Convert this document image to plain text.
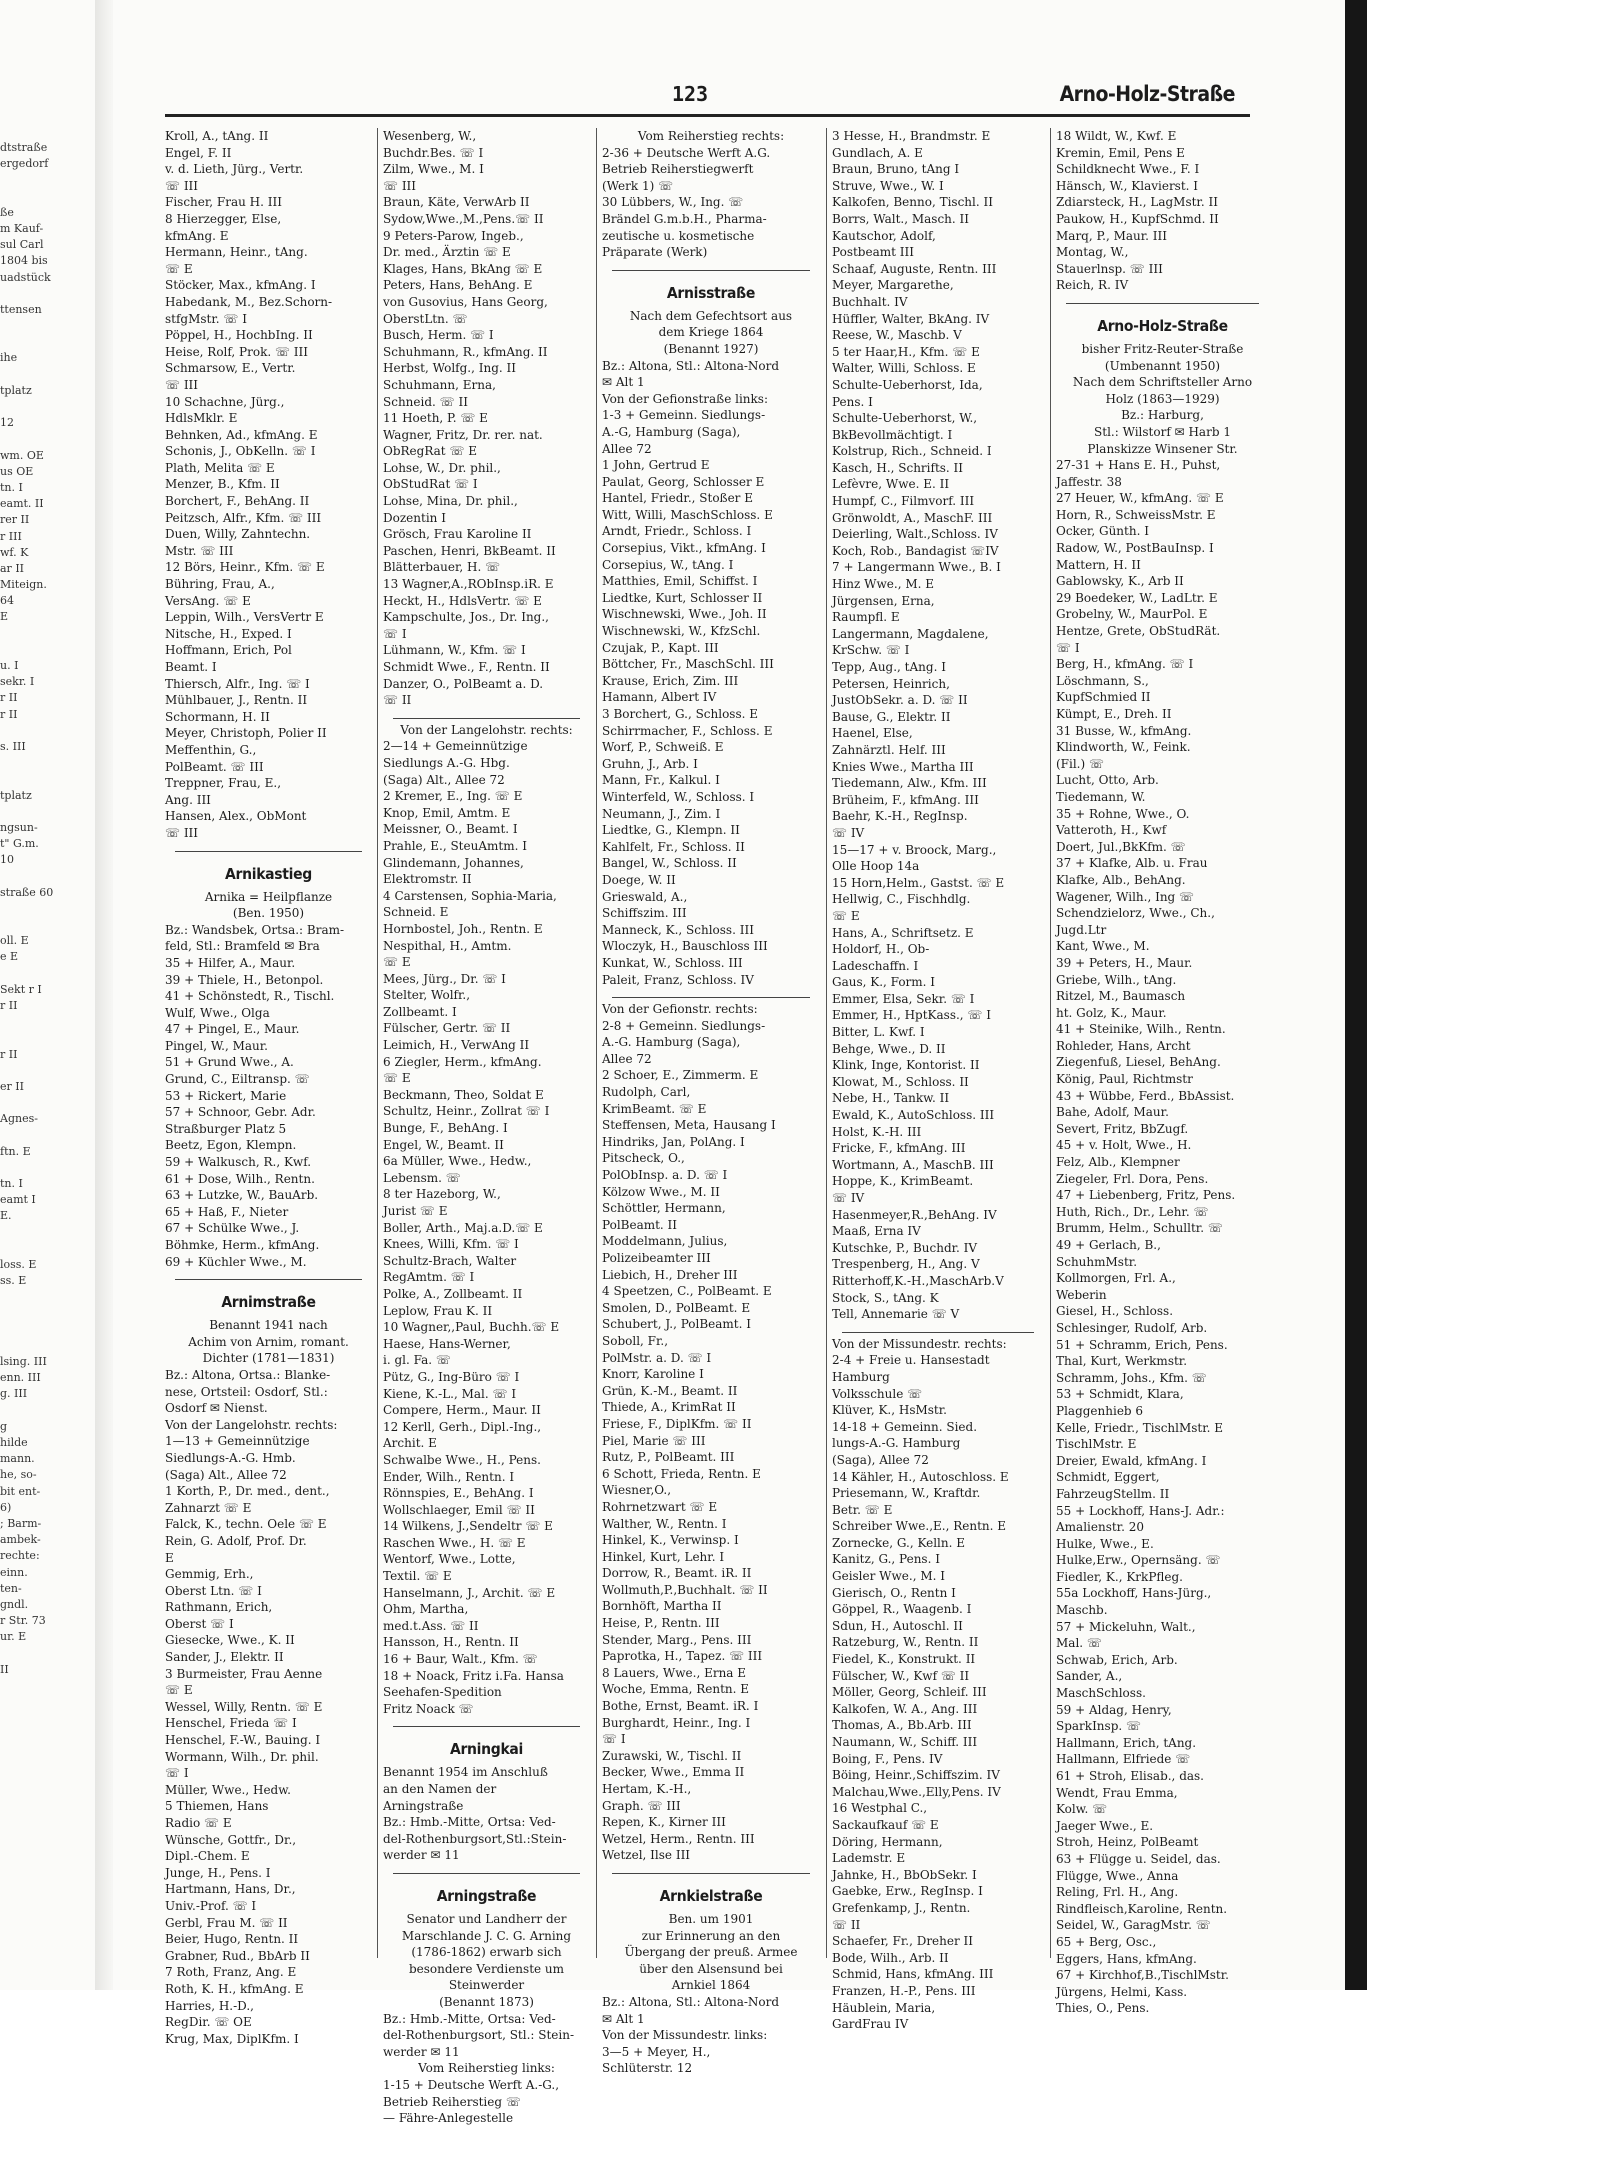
dtstraße
ergedorf
ße
m Kauf-
sul Carl
1804 bis
uadstück
ttensen
ihe
tplatz
12
wm. OE
us OE
tn. I
eamt. II
rer II
r III
wf. K
ar II
Miteign.
64
E
u. I
sekr. I
r II
r II
s. III
tplatz
ngsun-
t" G.m.
10
straße 60
oll. E
e E
Sekt r I
r II
r II
er II
Agnes-
ftn. E
tn. I
eamt I
E.
loss. E
ss. E
lsing. III
enn. III
g. III
g
hilde
mann.
he, so-
bit ent-
6)
; Barm-
ambek-
rechte:
einn.
ten-
gndl.
r Str. 73
ur. E
II
123	Arno-Holz-Straße
Kroll, A., tAng. II
Engel, F. II
v. d. Lieth, Jürg., Vertr.
☏ III
Fischer, Frau H. III
8 Hierzegger, Else,
kfmAng. E
Hermann, Heinr., tAng.
☏ E
Stöcker, Max., kfmAng. I
Habedank, M., Bez.Schorn-
stfgMstr. ☏ I
Pöppel, H., HochbIng. II
Heise, Rolf, Prok. ☏ III
Schmarsow, E., Vertr.
☏ III
10 Schachne, Jürg.,
HdlsMklr. E
Behnken, Ad., kfmAng. E
Schonis, J., ObKelln. ☏ I
Plath, Melita ☏ E
Menzer, B., Kfm. II
Borchert, F., BehAng. II
Peitzsch, Alfr., Kfm. ☏ III
Duen, Willy, Zahntechn.
Mstr. ☏ III
12 Börs, Heinr., Kfm. ☏ E
Bühring, Frau, A.,
VersAng. ☏ E
Leppin, Wilh., VersVertr E
Nitsche, H., Exped. I
Hoffmann, Erich, Pol
Beamt. I
Thiersch, Alfr., Ing. ☏ I
Mühlbauer, J., Rentn. II
Schormann, H. II
Meyer, Christoph, Polier II
Meffenthin, G.,
PolBeamt. ☏ III
Treppner, Frau, E.,
Ang. III
Hansen, Alex., ObMont
☏ III
Arnikastieg
Arnika = Heilpflanze
(Ben. 1950)
Bz.: Wandsbek, Ortsa.: Bram-
feld, Stl.: Bramfeld ✉ Bra
35 + Hilfer, A., Maur.
39 + Thiele, H., Betonpol.
41 + Schönstedt, R., Tischl.
Wulf, Wwe., Olga
47 + Pingel, E., Maur.
Pingel, W., Maur.
51 + Grund Wwe., A.
Grund, C., Eiltransp. ☏
53 + Rickert, Marie
57 + Schnoor, Gebr. Adr.
Straßburger Platz 5
Beetz, Egon, Klempn.
59 + Walkusch, R., Kwf.
61 + Dose, Wilh., Rentn.
63 + Lutzke, W., BauArb.
65 + Haß, F., Nieter
67 + Schülke Wwe., J.
Böhmke, Herm., kfmAng.
69 + Küchler Wwe., M.
Arnimstraße
Benannt 1941 nach
Achim von Arnim, romant.
Dichter (1781—1831)
Bz.: Altona, Ortsa.: Blanke-
nese, Ortsteil: Osdorf, Stl.:
Osdorf ✉ Nienst.
Von der Langelohstr. rechts:
1—13 + Gemeinnützige
Siedlungs-A.-G. Hmb.
(Saga) Alt., Allee 72
1 Korth, P., Dr. med., dent.,
Zahnarzt ☏ E
Falck, K., techn. Oele ☏ E
Rein, G. Adolf, Prof. Dr.
E
Gemmig, Erh.,
Oberst Ltn. ☏ I
Rathmann, Erich,
Oberst ☏ I
Giesecke, Wwe., K. II
Sander, J., Elektr. II
3 Burmeister, Frau Aenne
☏ E
Wessel, Willy, Rentn. ☏ E
Henschel, Frieda ☏ I
Henschel, F.-W., Bauing. I
Wormann, Wilh., Dr. phil.
☏ I
Müller, Wwe., Hedw.
5 Thiemen, Hans
Radio ☏ E
Wünsche, Gottfr., Dr.,
Dipl.-Chem. E
Junge, H., Pens. I
Hartmann, Hans, Dr.,
Univ.-Prof. ☏ I
Gerbl, Frau M. ☏ II
Beier, Hugo, Rentn. II
Grabner, Rud., BbArb II
7 Roth, Franz, Ang. E
Roth, K. H., kfmAng. E
Harries, H.-D.,
RegDir. ☏ OE
Krug, Max, DiplKfm. I
Wesenberg, W.,
Buchdr.Bes. ☏ I
Zilm, Wwe., M. I
☏ III
Braun, Käte, VerwArb II
Sydow,Wwe.,M.,Pens.☏ II
9 Peters-Parow, Ingeb.,
Dr. med., Ärztin ☏ E
Klages, Hans, BkAng ☏ E
Peters, Hans, BehAng. E
von Gusovius, Hans Georg,
OberstLtn. ☏
Busch, Herm. ☏ I
Schuhmann, R., kfmAng. II
Herbst, Wolfg., Ing. II
Schuhmann, Erna,
Schneid. ☏ II
11 Hoeth, P. ☏ E
Wagner, Fritz, Dr. rer. nat.
ObRegRat ☏ E
Lohse, W., Dr. phil.,
ObStudRat ☏ I
Lohse, Mina, Dr. phil.,
Dozentin I
Grösch, Frau Karoline II
Paschen, Henri, BkBeamt. II
Blätterbauer, H. ☏
13 Wagner,A.,RObInsp.iR. E
Heckt, H., HdlsVertr. ☏ E
Kampschulte, Jos., Dr. Ing.,
☏ I
Lühmann, W., Kfm. ☏ I
Schmidt Wwe., F., Rentn. II
Danzer, O., PolBeamt a. D.
☏ II
Von der Langelohstr. rechts:
2—14 + Gemeinnützige
Siedlungs A.-G. Hbg.
(Saga) Alt., Allee 72
2 Kremer, E., Ing. ☏ E
Knop, Emil, Amtm. E
Meissner, O., Beamt. I
Prahle, E., SteuAmtm. I
Glindemann, Johannes,
Elektromstr. II
4 Carstensen, Sophia-Maria,
Schneid. E
Hornbostel, Joh., Rentn. E
Nespithal, H., Amtm.
☏ E
Mees, Jürg., Dr. ☏ I
Stelter, Wolfr.,
Zollbeamt. I
Fülscher, Gertr. ☏ II
Leimich, H., VerwAng II
6 Ziegler, Herm., kfmAng.
☏ E
Beckmann, Theo, Soldat E
Schultz, Heinr., Zollrat ☏ I
Bunge, F., BehAng. I
Engel, W., Beamt. II
6a Müller, Wwe., Hedw.,
Lebensm. ☏
8 ter Hazeborg, W.,
Jurist ☏ E
Boller, Arth., Maj.a.D.☏ E
Knees, Willi, Kfm. ☏ I
Schultz-Brach, Walter
RegAmtm. ☏ I
Polke, A., Zollbeamt. II
Leplow, Frau K. II
10 Wagner,,Paul, Buchh.☏ E
Haese, Hans-Werner,
i. gl. Fa. ☏
Pütz, G., Ing-Büro ☏ I
Kiene, K.-L., Mal. ☏ I
Compere, Herm., Maur. II
12 Kerll, Gerh., Dipl.-Ing.,
Archit. E
Schwalbe Wwe., H., Pens.
Ender, Wilh., Rentn. I
Rönnspies, E., BehAng. I
Wollschlaeger, Emil ☏ II
14 Wilkens, J.,Sendeltr ☏ E
Raschen Wwe., H. ☏ E
Wentorf, Wwe., Lotte,
Textil. ☏ E
Hanselmann, J., Archit. ☏ E
Ohm, Martha,
med.t.Ass. ☏ II
Hansson, H., Rentn. II
16 + Baur, Walt., Kfm. ☏
18 + Noack, Fritz i.Fa. Hansa
Seehafen-Spedition
Fritz Noack ☏
Arningkai
Benannt 1954 im Anschluß
an den Namen der
Arningstraße
Bz.: Hmb.-Mitte, Ortsa: Ved-
del-Rothenburgsort,Stl.:Stein-
werder ✉ 11
Arningstraße
Senator und Landherr der
Marschlande J. C. G. Arning
(1786-1862) erwarb sich
besondere Verdienste um
Steinwerder
(Benannt 1873)
Bz.: Hmb.-Mitte, Ortsa: Ved-
del-Rothenburgsort, Stl.: Stein-
werder ✉ 11
Vom Reiherstieg links:
1-15 + Deutsche Werft A.-G.,
Betrieb Reiherstieg ☏
— Fähre-Anlegestelle
Vom Reiherstieg rechts:
2-36 + Deutsche Werft A.G.
Betrieb Reiherstiegwerft
(Werk 1) ☏
30 Lübbers, W., Ing. ☏
Brändel G.m.b.H., Pharma-
zeutische u. kosmetische
Präparate (Werk)
Arnisstraße
Nach dem Gefechtsort aus
dem Kriege 1864
(Benannt 1927)
Bz.: Altona, Stl.: Altona-Nord
✉ Alt 1
Von der Gefionstraße links:
1-3 + Gemeinn. Siedlungs-
A.-G, Hamburg (Saga),
Allee 72
1 John, Gertrud E
Paulat, Georg, Schlosser E
Hantel, Friedr., Stoßer E
Witt, Willi, MaschSchloss. E
Arndt, Friedr., Schloss. I
Corsepius, Vikt., kfmAng. I
Corsepius, W., tAng. I
Matthies, Emil, Schiffst. I
Liedtke, Kurt, Schlosser II
Wischnewski, Wwe., Joh. II
Wischnewski, W., KfzSchl.
Czujak, P., Kapt. III
Böttcher, Fr., MaschSchl. III
Krause, Erich, Zim. III
Hamann, Albert IV
3 Borchert, G., Schloss. E
Schirrmacher, F., Schloss. E
Worf, P., Schweiß. E
Gruhn, J., Arb. I
Mann, Fr., Kalkul. I
Winterfeld, W., Schloss. I
Neumann, J., Zim. I
Liedtke, G., Klempn. II
Kahlfelt, Fr., Schloss. II
Bangel, W., Schloss. II
Doege, W. II
Grieswald, A.,
Schiffszim. III
Manneck, K., Schloss. III
Wloczyk, H., Bauschloss III
Kunkat, W., Schloss. III
Paleit, Franz, Schloss. IV
Von der Gefionstr. rechts:
2-8 + Gemeinn. Siedlungs-
A.-G. Hamburg (Saga),
Allee 72
2 Schoer, E., Zimmerm. E
Rudolph, Carl,
KrimBeamt. ☏ E
Steffensen, Meta, Hausang I
Hindriks, Jan, PolAng. I
Pitscheck, O.,
PolObInsp. a. D. ☏ I
Kölzow Wwe., M. II
Schöttler, Hermann,
PolBeamt. II
Moddelmann, Julius,
Polizeibeamter III
Liebich, H., Dreher III
4 Speetzen, C., PolBeamt. E
Smolen, D., PolBeamt. E
Schubert, J., PolBeamt. I
Soboll, Fr.,
PolMstr. a. D. ☏ I
Knorr, Karoline I
Grün, K.-M., Beamt. II
Thiede, A., KrimRat II
Friese, F., DiplKfm. ☏ II
Piel, Marie ☏ III
Rutz, P., PolBeamt. III
6 Schott, Frieda, Rentn. E
Wiesner,O.,
Rohrnetzwart ☏ E
Walther, W., Rentn. I
Hinkel, K., Verwinsp. I
Hinkel, Kurt, Lehr. I
Dorrow, R., Beamt. iR. II
Wollmuth,P.,Buchhalt. ☏ II
Bornhöft, Martha II
Heise, P., Rentn. III
Stender, Marg., Pens. III
Paprotka, H., Tapez. ☏ III
8 Lauers, Wwe., Erna E
Woche, Emma, Rentn. E
Bothe, Ernst, Beamt. iR. I
Burghardt, Heinr., Ing. I
☏ I
Zurawski, W., Tischl. II
Becker, Wwe., Emma II
Hertam, K.-H.,
Graph. ☏ III
Repen, K., Kirner III
Wetzel, Herm., Rentn. III
Wetzel, Ilse III
Arnkielstraße
Ben. um 1901
zur Erinnerung an den
Übergang der preuß. Armee
über den Alsensund bei
Arnkiel 1864
Bz.: Altona, Stl.: Altona-Nord
✉ Alt 1
Von der Missundestr. links:
3—5 + Meyer, H.,
Schlüterstr. 12
3 Hesse, H., Brandmstr. E
Gundlach, A. E
Braun, Bruno, tAng I
Struve, Wwe., W. I
Kalkofen, Benno, Tischl. II
Borrs, Walt., Masch. II
Kautschor, Adolf,
Postbeamt III
Schaaf, Auguste, Rentn. III
Meyer, Margarethe,
Buchhalt. IV
Hüffler, Walter, BkAng. IV
Reese, W., Maschb. V
5 ter Haar,H., Kfm. ☏ E
Walter, Willi, Schloss. E
Schulte-Ueberhorst, Ida,
Pens. I
Schulte-Ueberhorst, W.,
BkBevollmächtigt. I
Kolstrup, Rich., Schneid. I
Kasch, H., Schrifts. II
Lefèvre, Wwe. E. II
Humpf, C., Filmvorf. III
Grönwoldt, A., MaschF. III
Deierling, Walt.,Schloss. IV
Koch, Rob., Bandagist ☏IV
7 + Langermann Wwe., B. I
Hinz Wwe., M. E
Jürgensen, Erna,
Raumpfl. E
Langermann, Magdalene,
KrSchw. ☏ I
Tepp, Aug., tAng. I
Petersen, Heinrich,
JustObSekr. a. D. ☏ II
Bause, G., Elektr. II
Haenel, Else,
Zahnärztl. Helf. III
Knies Wwe., Martha III
Tiedemann, Alw., Kfm. III
Brüheim, F., kfmAng. III
Baehr, K.-H., RegInsp.
☏ IV
15—17 + v. Broock, Marg.,
Olle Hoop 14a
15 Horn,Helm., Gastst. ☏ E
Hellwig, C., Fischhdlg.
☏ E
Hans, A., Schriftsetz. E
Holdorf, H., Ob-
Ladeschaffn. I
Gaus, K., Form. I
Emmer, Elsa, Sekr. ☏ I
Emmer, H., HptKass., ☏ I
Bitter, L. Kwf. I
Behge, Wwe., D. II
Klink, Inge, Kontorist. II
Klowat, M., Schloss. II
Nebe, H., Tankw. II
Ewald, K., AutoSchloss. III
Holst, K.-H. III
Fricke, F., kfmAng. III
Wortmann, A., MaschB. III
Hoppe, K., KrimBeamt.
☏ IV
Hasenmeyer,R.,BehAng. IV
Maaß, Erna IV
Kutschke, P., Buchdr. IV
Trespenberg, H., Ang. V
Ritterhoff,K.-H.,MaschArb.V
Stock, S., tAng. K
Tell, Annemarie ☏ V
Von der Missundestr. rechts:
2-4 + Freie u. Hansestadt
Hamburg
Volksschule ☏
Klüver, K., HsMstr.
14-18 + Gemeinn. Sied.
lungs-A.-G. Hamburg
(Saga), Allee 72
14 Kähler, H., Autoschloss. E
Priesemann, W., Kraftdr.
Betr. ☏ E
Schreiber Wwe.,E., Rentn. E
Zornecke, G., Kelln. E
Kanitz, G., Pens. I
Geisler Wwe., M. I
Gierisch, O., Rentn I
Göppel, R., Waagenb. I
Sdun, H., Autoschl. II
Ratzeburg, W., Rentn. II
Fiedel, K., Konstrukt. II
Fülscher, W., Kwf ☏ II
Möller, Georg, Schleif. III
Kalkofen, W. A., Ang. III
Thomas, A., Bb.Arb. III
Naumann, W., Schiff. III
Boing, F., Pens. IV
Böing, Heinr.,Schiffszim. IV
Malchau,Wwe.,Elly,Pens. IV
16 Westphal C.,
Sackaufkauf ☏ E
Döring, Hermann,
Lademstr. E
Jahnke, H., BbObSekr. I
Gaebke, Erw., RegInsp. I
Grefenkamp, J., Rentn.
☏ II
Schaefer, Fr., Dreher II
Bode, Wilh., Arb. II
Schmid, Hans, kfmAng. III
Franzen, H.-P., Pens. III
Häublein, Maria,
GardFrau IV
18 Wildt, W., Kwf. E
Kremin, Emil, Pens E
Schildknecht Wwe., F. I
Hänsch, W., Klavierst. I
Zdiarsteck, H., LagMstr. II
Paukow, H., KupfSchmd. II
Marq, P., Maur. III
Montag, W.,
Stauerlnsp. ☏ III
Reich, R. IV
Arno-Holz-Straße
bisher Fritz-Reuter-Straße
(Umbenannt 1950)
Nach dem Schriftsteller Arno
Holz (1863—1929)
Bz.: Harburg,
Stl.: Wilstorf ✉ Harb 1
Planskizze Winsener Str.
27-31 + Hans E. H., Puhst,
Jaffestr. 38
27 Heuer, W., kfmAng. ☏ E
Horn, R., SchweissMstr. E
Ocker, Günth. I
Radow, W., PostBauInsp. I
Mattern, H. II
Gablowsky, K., Arb II
29 Boedeker, W., LadLtr. E
Grobelny, W., MaurPol. E
Hentze, Grete, ObStudRät.
☏ I
Berg, H., kfmAng. ☏ I
Löschmann, S.,
KupfSchmied II
Kümpt, E., Dreh. II
31 Busse, W., kfmAng.
Klindworth, W., Feink.
(Fil.) ☏
Lucht, Otto, Arb.
Tiedemann, W.
35 + Rohne, Wwe., O.
Vatteroth, H., Kwf
Doert, Jul.,BkKfm. ☏
37 + Klafke, Alb. u. Frau
Klafke, Alb., BehAng.
Wagener, Wilh., Ing ☏
Schendzielorz, Wwe., Ch.,
Jugd.Ltr
Kant, Wwe., M.
39 + Peters, H., Maur.
Griebe, Wilh., tAng.
Ritzel, M., Baumasch
ht. Golz, K., Maur.
41 + Steinike, Wilh., Rentn.
Rohleder, Hans, Archt
Ziegenfuß, Liesel, BehAng.
König, Paul, Richtmstr
43 + Wübbe, Ferd., BbAssist.
Bahe, Adolf, Maur.
Severt, Fritz, BbZugf.
45 + v. Holt, Wwe., H.
Felz, Alb., Klempner
Ziegeler, Frl. Dora, Pens.
47 + Liebenberg, Fritz, Pens.
Huth, Rich., Dr., Lehr. ☏
Brumm, Helm., Schulltr. ☏
49 + Gerlach, B.,
SchuhmMstr.
Kollmorgen, Frl. A.,
Weberin
Giesel, H., Schloss.
Schlesinger, Rudolf, Arb.
51 + Schramm, Erich, Pens.
Thal, Kurt, Werkmstr.
Schramm, Johs., Kfm. ☏
53 + Schmidt, Klara,
Plaggenhieb 6
Kelle, Friedr., TischlMstr. E
TischlMstr. E
Dreier, Ewald, kfmAng. I
Schmidt, Eggert,
FahrzeugStellm. II
55 + Lockhoff, Hans-J. Adr.:
Amalienstr. 20
Hulke, Wwe., E.
Hulke,Erw., Opernsäng. ☏
Fiedler, K., KrkPfleg.
55a Lockhoff, Hans-Jürg.,
Maschb.
57 + Mickeluhn, Walt.,
Mal. ☏
Schwab, Erich, Arb.
Sander, A.,
MaschSchloss.
59 + Aldag, Henry,
SparkInsp. ☏
Hallmann, Erich, tAng.
Hallmann, Elfriede ☏
61 + Stroh, Elisab., das.
Wendt, Frau Emma,
Kolw. ☏
Jaeger Wwe., E.
Stroh, Heinz, PolBeamt
63 + Flügge u. Seidel, das.
Flügge, Wwe., Anna
Reling, Frl. H., Ang.
Rindfleisch,Karoline, Rentn.
Seidel, W., GaragMstr. ☏
65 + Berg, Osc.,
Eggers, Hans, kfmAng.
67 + Kirchhof,B.,TischlMstr.
Jürgens, Helmi, Kass.
Thies, O., Pens.
